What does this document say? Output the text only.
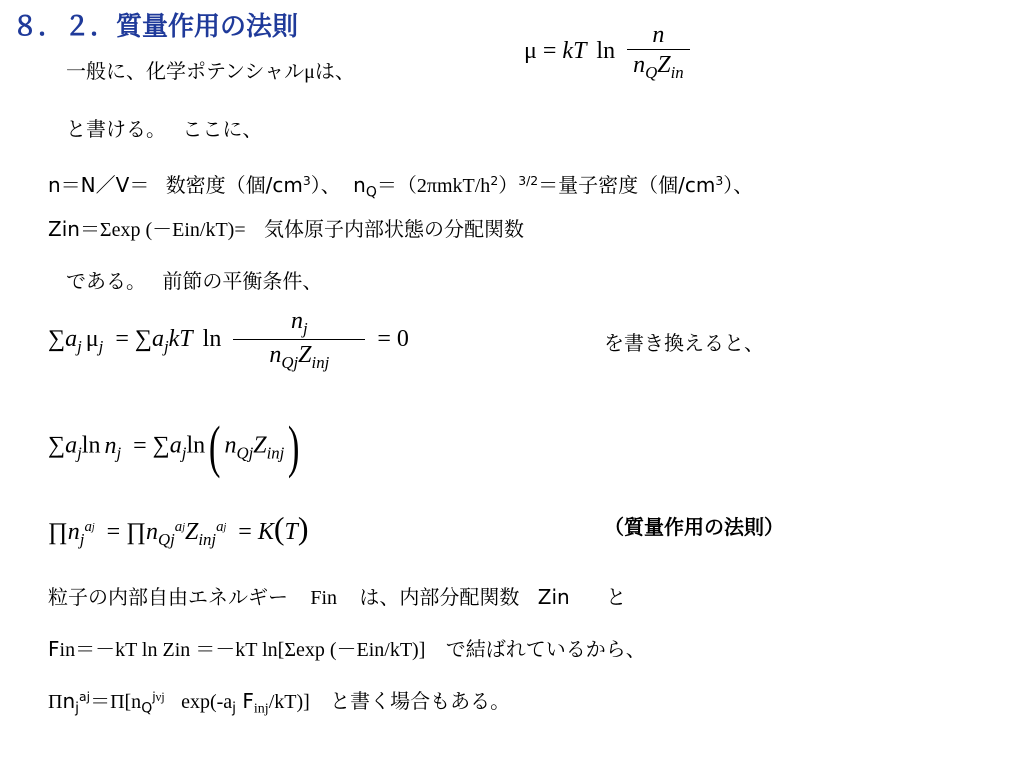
８．２．質量作用の法則
一般に、化学ポテンシャルμは、
μ = kT $\ln \frac{n}{n_QZ_{in}}$
と書ける。　 ここに、
n＝N／V＝ 数密度（個$/cm^3$）、 $n_Q=(2\pi mkT/h^2)^{3/2}=$量子密度（個$/cm^3$）、
Zin＝Σexp (－Ein/kT)= 気体原子内部状態の分配関数
である。　 前節の平衡条件、
$\sum a_j$ $\mu_j = \sum a_jkT$ $\ln \frac{n_j}{n_{Qj}Z_{inj}} = 0$	を書き換えると、
$\sum a_j\ln$ $n_j = \sum a_j\ln$( $n_{Qj}Z_{inj}$)
$\prod n_j^{aj}$ = $\prod n_{Qj}^{aj}Z_{inj}^{aj} = K(T)$	（質量作用の法則）
粒子の内部自由エネルギー Fin は、内部分配関数 Zin と
Fin＝－kT ln Zin ＝－kT ln[Σexp (－Ein/kT)] で結ばれているから、
$\Pi n_j^{aj}=\Pi[n_Q^{j\nu j}$ $\exp(-a_j$ $F_{inj}/kT$)] と書く場合もある。
